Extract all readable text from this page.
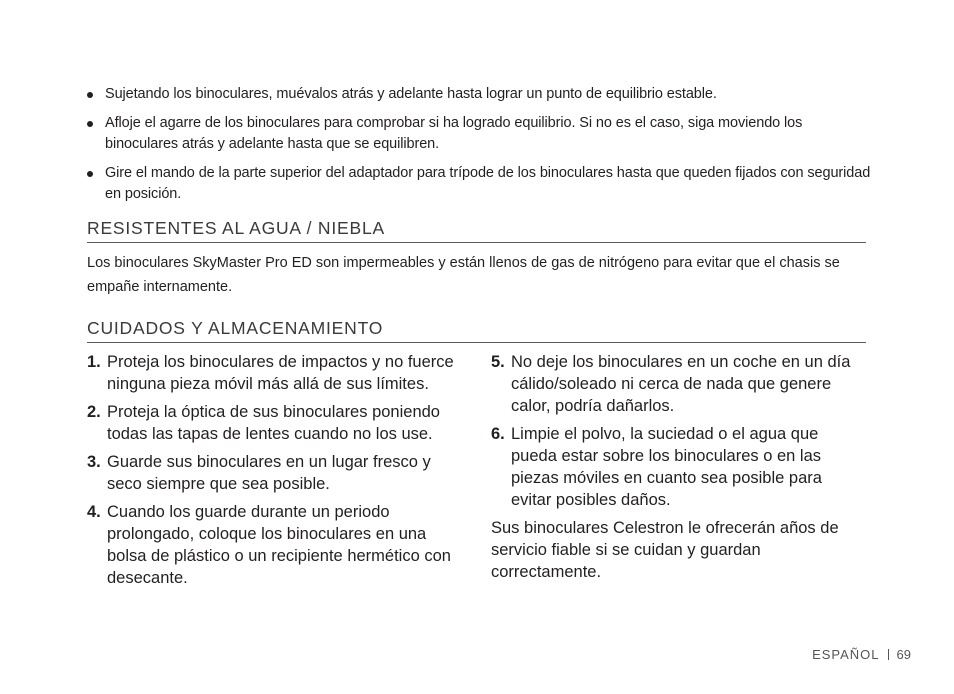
Sujetando los binoculares, muévalos atrás y adelante hasta lograr un punto de equilibrio estable.
Afloje el agarre de los binoculares para comprobar si ha logrado equilibrio. Si no es el caso, siga moviendo los binoculares atrás y adelante hasta que se equilibren.
Gire el mando de la parte superior del adaptador para trípode de los binoculares hasta que queden fijados con seguridad en posición.
RESISTENTES AL AGUA / NIEBLA
Los binoculares SkyMaster Pro ED son impermeables y están llenos de gas de nitrógeno para evitar que el chasis se empañe internamente.
CUIDADOS Y ALMACENAMIENTO
1. Proteja los binoculares de impactos y no fuerce ninguna pieza móvil más allá de sus límites.
2. Proteja la óptica de sus binoculares poniendo todas las tapas de lentes cuando no los use.
3. Guarde sus binoculares en un lugar fresco y seco siempre que sea posible.
4. Cuando los guarde durante un periodo prolongado, coloque los binoculares en una bolsa de plástico o un recipiente hermético con desecante.
5. No deje los binoculares en un coche en un día cálido/soleado ni cerca de nada que genere calor, podría dañarlos.
6. Limpie el polvo, la suciedad o el agua que pueda estar sobre los binoculares o en las piezas móviles en cuanto sea posible para evitar posibles daños.
Sus binoculares Celestron le ofrecerán años de servicio fiable si se cuidan y guardan correctamente.
ESPAÑOL 69
